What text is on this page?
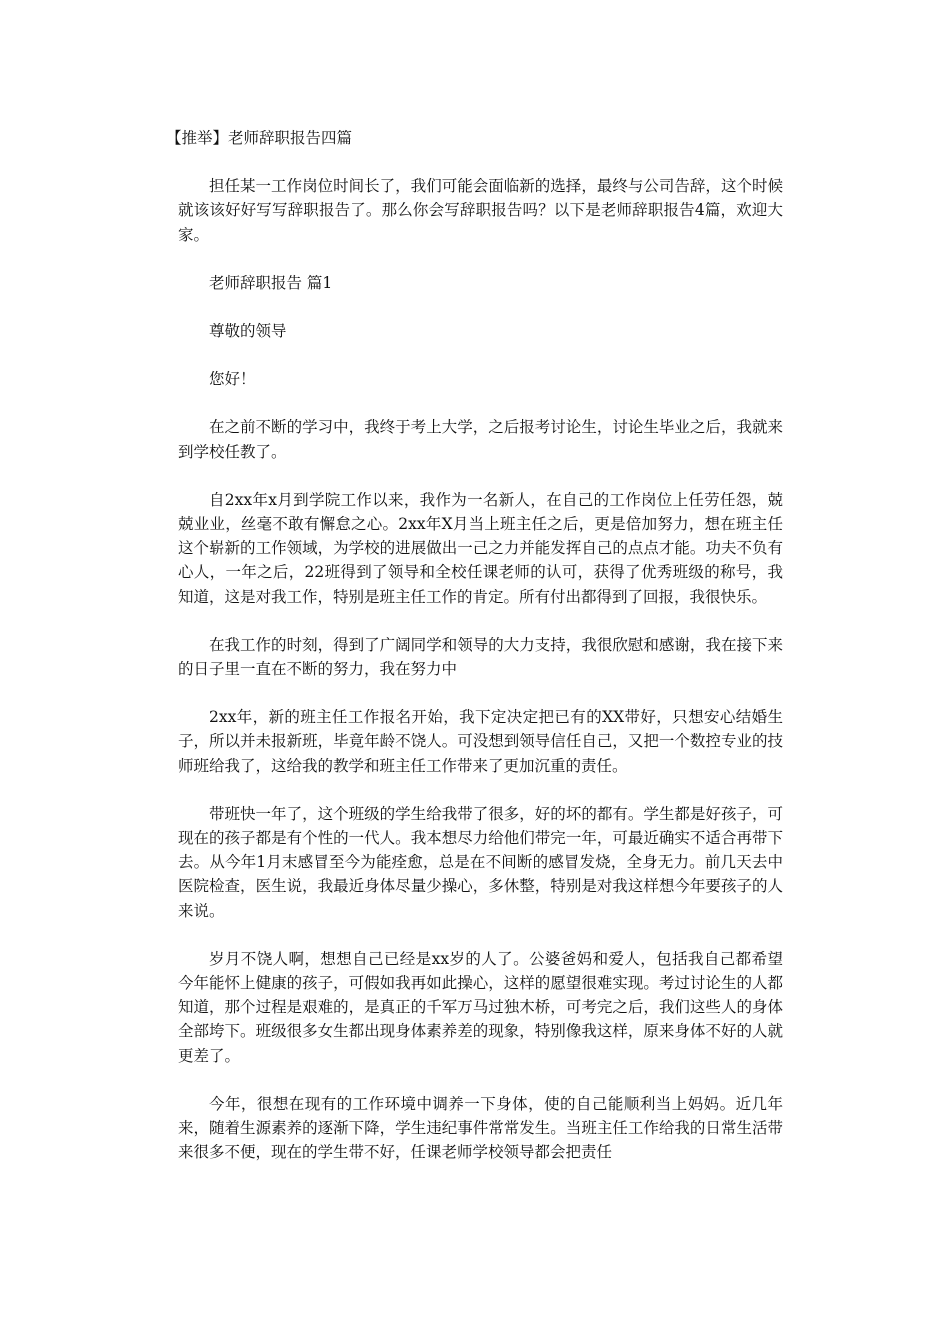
【推举】老师辞职报告四篇

担任某一工作岗位时间长了，我们可能会面临新的选择，最终与公司告辞，这个时候就该该好好写写辞职报告了。那么你会写辞职报告吗？以下是老师辞职报告4篇，欢迎大家。

老师辞职报告 篇1

尊敬的领导

您好！

在之前不断的学习中，我终于考上大学，之后报考讨论生，讨论生毕业之后，我就来到学校任教了。

自2xx年x月到学院工作以来，我作为一名新人，在自己的工作岗位上任劳任怨，兢兢业业，丝毫不敢有懈怠之心。2xx年X月当上班主任之后，更是倍加努力，想在班主任这个崭新的工作领域，为学校的进展做出一己之力并能发挥自己的点点才能。功夫不负有心人，一年之后，22班得到了领导和全校任课老师的认可，获得了优秀班级的称号，我知道，这是对我工作，特别是班主任工作的肯定。所有付出都得到了回报，我很快乐。

在我工作的时刻，得到了广阔同学和领导的大力支持，我很欣慰和感谢，我在接下来的日子里一直在不断的努力，我在努力中

2xx年，新的班主任工作报名开始，我下定决定把已有的XX带好，只想安心结婚生子，所以并未报新班，毕竟年龄不饶人。可没想到领导信任自己，又把一个数控专业的技师班给我了，这给我的教学和班主任工作带来了更加沉重的责任。

带班快一年了，这个班级的学生给我带了很多，好的坏的都有。学生都是好孩子，可现在的孩子都是有个性的一代人。我本想尽力给他们带完一年，可最近确实不适合再带下去。从今年1月末感冒至今为能痊愈，总是在不间断的感冒发烧，全身无力。前几天去中医院检查，医生说，我最近身体尽量少操心，多休整，特别是对我这样想今年要孩子的人来说。

岁月不饶人啊，想想自己已经是xx岁的人了。公婆爸妈和爱人，包括我自己都希望今年能怀上健康的孩子，可假如我再如此操心，这样的愿望很难实现。考过讨论生的人都知道，那个过程是艰难的，是真正的千军万马过独木桥，可考完之后，我们这些人的身体全部垮下。班级很多女生都出现身体素养差的现象，特别像我这样，原来身体不好的人就更差了。

今年，很想在现有的工作环境中调养一下身体，使的自己能顺利当上妈妈。近几年来，随着生源素养的逐渐下降，学生违纪事件常常发生。当班主任工作给我的日常生活带来很多不便，现在的学生带不好，任课老师学校领导都会把责任
